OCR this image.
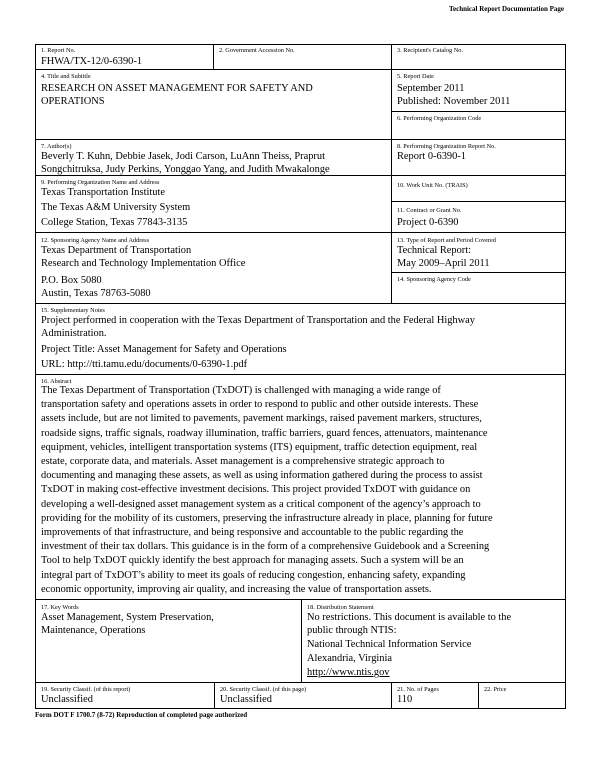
Technical Report Documentation Page
1. Report No.
FHWA/TX-12/0-6390-1
2. Government Accession No.	3. Recipient's Catalog No.
4. Title and Subtitle
RESEARCH ON ASSET MANAGEMENT FOR SAFETY AND
OPERATIONS
5. Report Date
September 2011
Published: November 2011
6. Performing Organization Code
7. Author(s)
Beverly T. Kuhn, Debbie Jasek, Jodi Carson, LuAnn Theiss, Praprut
Songchitruksa, Judy Perkins, Yonggao Yang, and Judith Mwakalonge
8. Performing Organization Report No.
Report 0-6390-1
9. Performing Organization Name and Address
Texas Transportation Institute
The Texas A&M University System
College Station, Texas 77843-3135
10. Work Unit No. (TRAIS)
11. Contract or Grant No.
Project 0-6390
12. Sponsoring Agency Name and Address
Texas Department of Transportation
Research and Technology Implementation Office
P.O. Box 5080
Austin, Texas 78763-5080
13. Type of Report and Period Covered
Technical Report:
May 2009–April 2011
14. Sponsoring Agency Code
15. Supplementary Notes
Project performed in cooperation with the Texas Department of Transportation and the Federal Highway
Administration.
Project Title: Asset Management for Safety and Operations
URL: http://tti.tamu.edu/documents/0-6390-1.pdf
16. Abstract
The Texas Department of Transportation (TxDOT) is challenged with managing a wide range of
transportation safety and operations assets in order to respond to public and other outside interests. These
assets include, but are not limited to pavements, pavement markings, raised pavement markers, structures,
roadside signs, traffic signals, roadway illumination, traffic barriers, guard fences, attenuators, maintenance
equipment, vehicles, intelligent transportation systems (ITS) equipment, traffic detection equipment, real
estate, corporate data, and materials. Asset management is a comprehensive strategic approach to
documenting and managing these assets, as well as using information gathered during the process to assist
TxDOT in making cost-effective investment decisions. This project provided TxDOT with guidance on
developing a well-designed asset management system as a critical component of the agency’s approach to
providing for the mobility of its customers, preserving the infrastructure already in place, planning for future
improvements of that infrastructure, and being responsive and accountable to the public regarding the
investment of their tax dollars. This guidance is in the form of a comprehensive Guidebook and a Screening
Tool to help TxDOT quickly identify the best approach for managing assets. Such a system will be an
integral part of TxDOT’s ability to meet its goals of reducing congestion, enhancing safety, expanding
economic opportunity, improving air quality, and increasing the value of transportation assets.
17. Key Words
Asset Management, System Preservation,
Maintenance, Operations
18. Distribution Statement
No restrictions. This document is available to the
public through NTIS:
National Technical Information Service
Alexandria, Virginia
http://www.ntis.gov
19. Security Classif. (of this report)
Unclassified
20. Security Classif. (of this page)
Unclassified
21. No. of Pages
110
22. Price
Form DOT F 1700.7 (8-72) Reproduction of completed page authorized
